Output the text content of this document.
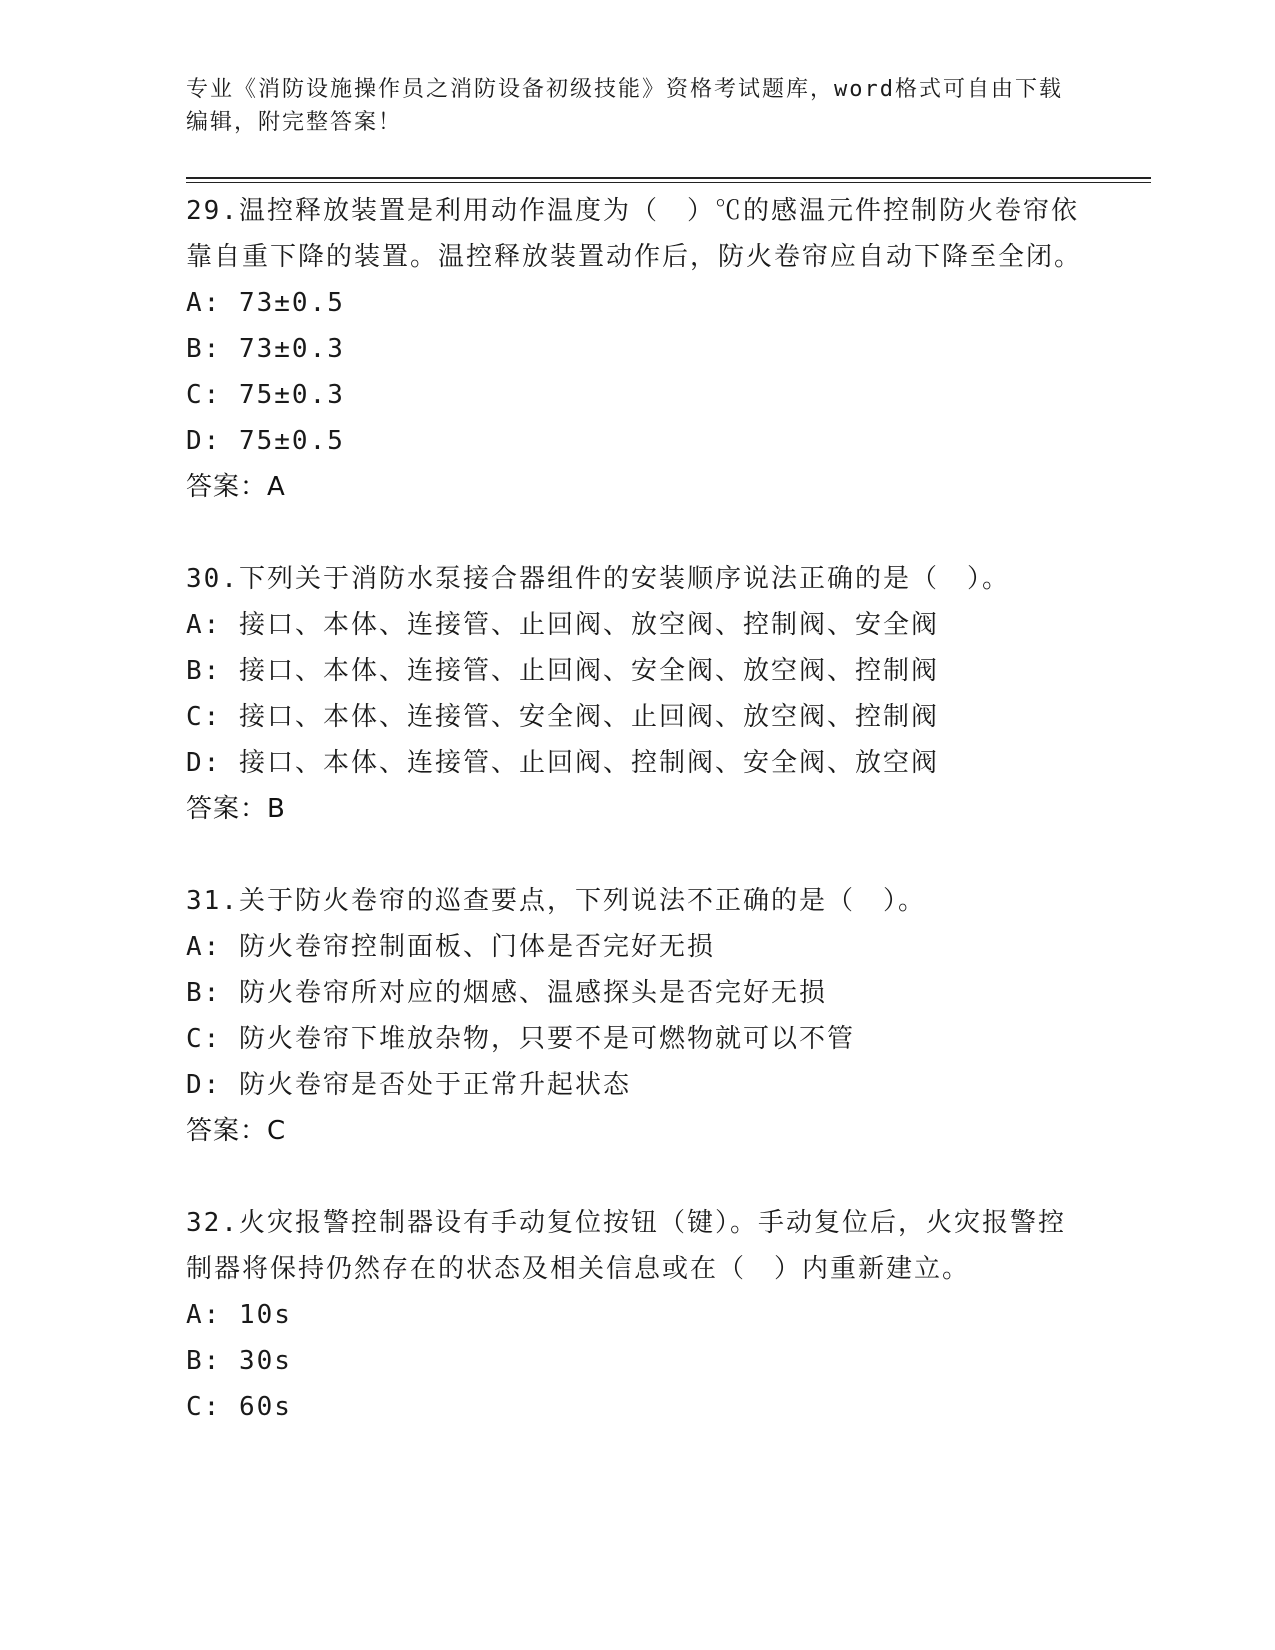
专业《消防设施操作员之消防设备初级技能》资格考试题库，word格式可自由下载编辑，附完整答案！

29.温控释放装置是利用动作温度为（　）℃的感温元件控制防火卷帘依靠自重下降的装置。温控释放装置动作后，防火卷帘应自动下降至全闭。

A: 73±0.5

B: 73±0.3

C: 75±0.3

D: 75±0.5

答案：A

30.下列关于消防水泵接合器组件的安装顺序说法正确的是（　）。

A: 接口、本体、连接管、止回阀、放空阀、控制阀、安全阀

B: 接口、本体、连接管、止回阀、安全阀、放空阀、控制阀

C: 接口、本体、连接管、安全阀、止回阀、放空阀、控制阀

D: 接口、本体、连接管、止回阀、控制阀、安全阀、放空阀

答案：B

31.关于防火卷帘的巡查要点，下列说法不正确的是（　）。

A: 防火卷帘控制面板、门体是否完好无损

B: 防火卷帘所对应的烟感、温感探头是否完好无损

C: 防火卷帘下堆放杂物，只要不是可燃物就可以不管

D: 防火卷帘是否处于正常升起状态

答案：C

32.火灾报警控制器设有手动复位按钮（键）。手动复位后，火灾报警控制器将保持仍然存在的状态及相关信息或在（　）内重新建立。

A: 10s

B: 30s

C: 60s
